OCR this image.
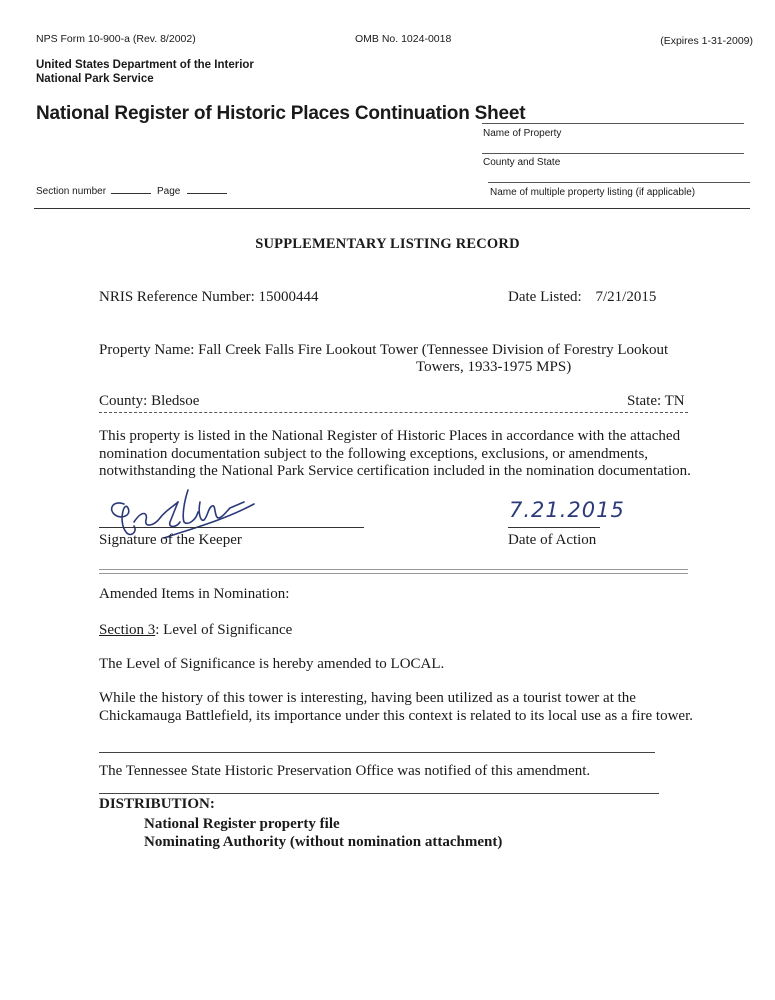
NPS Form 10-900-a (Rev. 8/2002)	OMB No. 1024-0018	(Expires 1-31-2009)
United States Department of the Interior
National Park Service
National Register of Historic Places Continuation Sheet
Name of Property
County and State
Name of multiple property listing (if applicable)
Section number	Page
SUPPLEMENTARY LISTING RECORD
NRIS Reference Number: 15000444	Date Listed: 7/21/2015
Property Name: Fall Creek Falls Fire Lookout Tower (Tennessee Division of Forestry Lookout
Towers, 1933-1975 MPS)
County: Bledsoe	State: TN
This property is listed in the National Register of Historic Places in accordance with the attached
nomination documentation subject to the following exceptions, exclusions, or amendments,
notwithstanding the National Park Service certification included in the nomination documentation.
Signature of the Keeper
7.21.2015
Date of Action
Amended Items in Nomination:
Section 3: Level of Significance
The Level of Significance is hereby amended to LOCAL.
While the history of this tower is interesting, having been utilized as a tourist tower at the
Chickamauga Battlefield, its importance under this context is related to its local use as a fire tower.
The Tennessee State Historic Preservation Office was notified of this amendment.
DISTRIBUTION:
National Register property file
Nominating Authority (without nomination attachment)
